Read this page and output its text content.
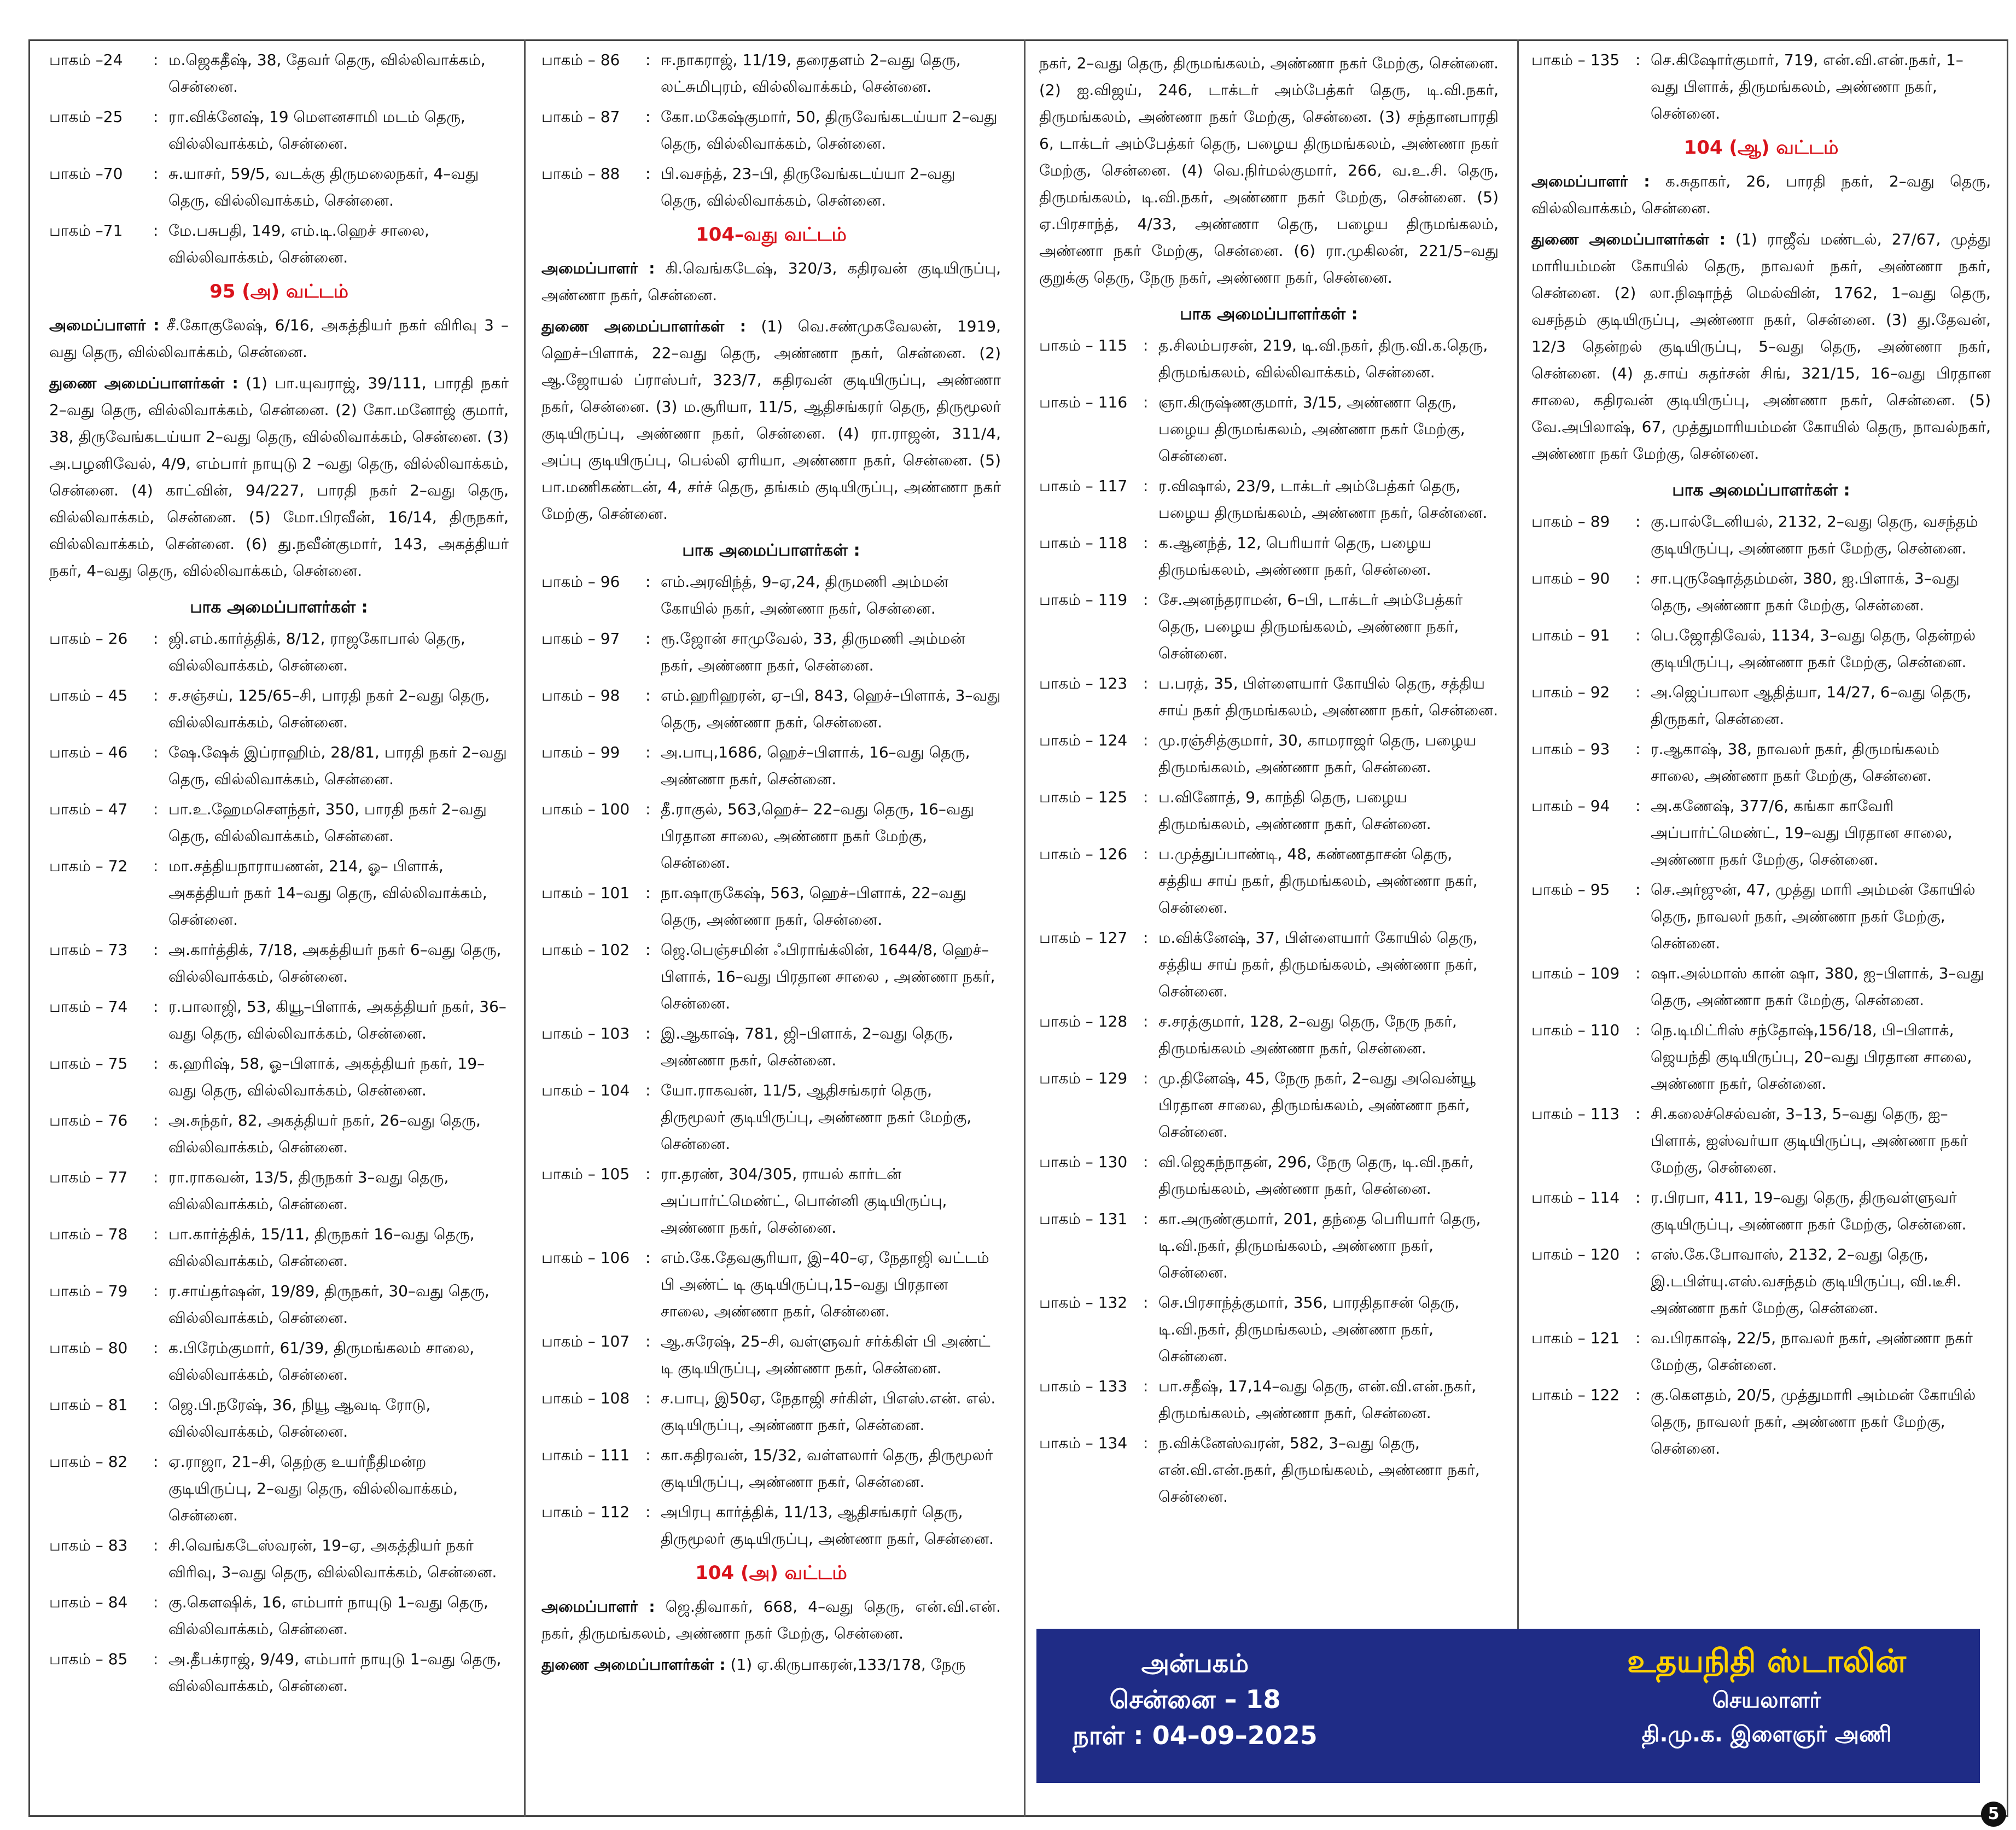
பாகம் –24 : ம.ஜெகதீஷ், 38, தேவர் தெரு, வில்லிவாக்கம், சென்னை.
பாகம் –25 : ரா.விக்னேஷ், 19 மௌனசாமி மடம் தெரு, வில்லிவாக்கம், சென்னை.
பாகம் –70 : சு.யாசர், 59/5, வடக்கு திருமலைநகர், 4–வது தெரு, வில்லிவாக்கம், சென்னை.
பாகம் –71 : மே.பசுபதி, 149, எம்.டி.ஹெச் சாலை, வில்லிவாக்கம், சென்னை.
95 (அ) வட்டம்
அமைப்பாளர் : சீ.கோகுலேஷ், 6/16, அகத்தியர் நகர் விரிவு 3 –வது தெரு, வில்லிவாக்கம், சென்னை.
துணை அமைப்பாளர்கள் : (1) பா.யுவராஜ், 39/111, பாரதி நகர் 2–வது தெரு, வில்லிவாக்கம், சென்னை. (2) கோ.மனோஜ் குமார், 38, திருவேங்கடய்யா 2–வது தெரு, வில்லிவாக்கம், சென்னை. (3) அ.பழனிவேல், 4/9, எம்பார் நாயுடு 2 –வது தெரு, வில்லிவாக்கம், சென்னை. (4) காட்வின், 94/227, பாரதி நகர் 2–வது தெரு, வில்லிவாக்கம், சென்னை. (5) மோ.பிரவீன், 16/14, திருநகர், வில்லிவாக்கம், சென்னை. (6) து.நவீன்குமார், 143, அகத்தியர் நகர், 4–வது தெரு, வில்லிவாக்கம், சென்னை.
பாக அமைப்பாளர்கள் :
பாகம் – 26 : ஜி.எம்.கார்த்திக், 8/12, ராஜகோபால் தெரு, வில்லிவாக்கம், சென்னை.
பாகம் – 45 : ச.சஞ்சய், 125/65–சி, பாரதி நகர் 2–வது தெரு, வில்லிவாக்கம், சென்னை.
பாகம் – 46 : ஷே.ஷேக் இப்ராஹிம், 28/81, பாரதி நகர் 2–வது தெரு, வில்லிவாக்கம், சென்னை.
பாகம் – 47 : பா.உ.ஹேமசௌந்தர், 350, பாரதி நகர் 2–வது தெரு, வில்லிவாக்கம், சென்னை.
பாகம் – 72 : மா.சத்தியநாராயணன், 214, ஓ– பிளாக், அகத்தியர் நகர் 14–வது தெரு, வில்லிவாக்கம், சென்னை.
பாகம் – 73 : அ.கார்த்திக், 7/18, அகத்தியர் நகர் 6–வது தெரு, வில்லிவாக்கம், சென்னை.
பாகம் – 74 : ர.பாலாஜி, 53, கியூ–பிளாக், அகத்தியர் நகர், 36–வது தெரு, வில்லிவாக்கம், சென்னை.
பாகம் – 75 : க.ஹரிஷ், 58, ஓ–பிளாக், அகத்தியர் நகர், 19–வது தெரு, வில்லிவாக்கம், சென்னை.
பாகம் – 76 : அ.சுந்தர், 82, அகத்தியர் நகர், 26–வது தெரு, வில்லிவாக்கம், சென்னை.
பாகம் – 77 : ரா.ராகவன், 13/5, திருநகர் 3–வது தெரு, வில்லிவாக்கம், சென்னை.
பாகம் – 78 : பா.கார்த்திக், 15/11, திருநகர் 16–வது தெரு, வில்லிவாக்கம், சென்னை.
பாகம் – 79 : ர.சாய்தர்ஷன், 19/89, திருநகர், 30–வது தெரு, வில்லிவாக்கம், சென்னை.
பாகம் – 80 : க.பிரேம்குமார், 61/39, திருமங்கலம் சாலை, வில்லிவாக்கம், சென்னை.
பாகம் – 81 : ஜெ.பி.நரேஷ், 36, நியூ ஆவடி ரோடு, வில்லிவாக்கம், சென்னை.
பாகம் – 82 : ஏ.ராஜா, 21–சி, தெற்கு உயர்நீதிமன்ற குடியிருப்பு, 2–வது தெரு, வில்லிவாக்கம், சென்னை.
பாகம் – 83 : சி.வெங்கடேஸ்வரன், 19–ஏ, அகத்தியர் நகர் விரிவு, 3–வது தெரு, வில்லிவாக்கம், சென்னை.
பாகம் – 84 : கு.கௌஷிக், 16, எம்பார் நாயுடு 1–வது தெரு, வில்லிவாக்கம், சென்னை.
பாகம் – 85 : அ.தீபக்ராஜ், 9/49, எம்பார் நாயுடு 1–வது தெரு, வில்லிவாக்கம், சென்னை.
பாகம் – 86 : ஈ.நாகராஜ், 11/19, தரைதளம் 2–வது தெரு, லட்சுமிபுரம், வில்லிவாக்கம், சென்னை.
பாகம் – 87 : கோ.மகேஷ்குமார், 50, திருவேங்கடய்யா 2–வது தெரு, வில்லிவாக்கம், சென்னை.
பாகம் – 88 : பி.வசந்த், 23–பி, திருவேங்கடய்யா 2–வது தெரு, வில்லிவாக்கம், சென்னை.
104–வது வட்டம்
அமைப்பாளர் : கி.வெங்கடேஷ், 320/3, கதிரவன் குடியிருப்பு, அண்ணா நகர், சென்னை.
துணை அமைப்பாளர்கள் : (1) வெ.சண்முகவேலன், 1919, ஹெச்–பிளாக், 22–வது தெரு, அண்ணா நகர், சென்னை. (2) ஆ.ஜோயல் ப்ராஸ்பர், 323/7, கதிரவன் குடியிருப்பு, அண்ணா நகர், சென்னை. (3) ம.சூரியா, 11/5, ஆதிசங்கரர் தெரு, திருமூலர் குடியிருப்பு, அண்ணா நகர், சென்னை. (4) ரா.ராஜன், 311/4, அப்பு குடியிருப்பு, பெல்லி ஏரியா, அண்ணா நகர், சென்னை. (5) பா.மணிகண்டன், 4, சர்ச் தெரு, தங்கம் குடியிருப்பு, அண்ணா நகர் மேற்கு, சென்னை.
பாக அமைப்பாளர்கள் :
பாகம் – 96 : எம்.அரவிந்த், 9–ஏ,24, திருமணி அம்மன் கோயில் நகர், அண்ணா நகர், சென்னை.
பாகம் – 97 : ரூ.ஜோன் சாமுவேல், 33, திருமணி அம்மன் நகர், அண்ணா நகர், சென்னை.
பாகம் – 98 : எம்.ஹரிஹரன், ஏ–பி, 843, ஹெச்–பிளாக், 3–வது தெரு, அண்ணா நகர், சென்னை.
பாகம் – 99 : அ.பாபு,1686, ஹெச்–பிளாக், 16–வது தெரு, அண்ணா நகர், சென்னை.
பாகம் – 100 : தீ.ராகுல், 563,ஹெச்– 22–வது தெரு, 16–வது பிரதான சாலை, அண்ணா நகர் மேற்கு, சென்னை.
பாகம் – 101 : நா.ஷாருகேஷ், 563, ஹெச்–பிளாக், 22–வது தெரு, அண்ணா நகர், சென்னை.
பாகம் – 102 : ஜெ.பெஞ்சமின் ஃபிராங்க்லின், 1644/8, ஹெச்– பிளாக், 16–வது பிரதான சாலை , அண்ணா நகர், சென்னை.
பாகம் – 103 : இ.ஆகாஷ், 781, ஜி–பிளாக், 2–வது தெரு, அண்ணா நகர், சென்னை.
பாகம் – 104 : யோ.ராகவன், 11/5, ஆதிசங்கரர் தெரு, திருமூலர் குடியிருப்பு, அண்ணா நகர் மேற்கு, சென்னை.
பாகம் – 105 : ரா.தரண், 304/305, ராயல் கார்டன் அப்பார்ட்மெண்ட், பொன்னி குடியிருப்பு, அண்ணா நகர், சென்னை.
பாகம் – 106 : எம்.கே.தேவசூரியா, இ–40–ஏ, நேதாஜி வட்டம் பி அண்ட் டி குடியிருப்பு,15–வது பிரதான சாலை, அண்ணா நகர், சென்னை.
பாகம் – 107 : ஆ.சுரேஷ், 25–சி, வள்ளுவர் சர்க்கிள் பி அண்ட் டி குடியிருப்பு, அண்ணா நகர், சென்னை.
பாகம் – 108 : ச.பாபு, இ50ஏ, நேதாஜி சர்கிள், பிஎஸ்.என். எல். குடியிருப்பு, அண்ணா நகர், சென்னை.
பாகம் – 111 : கா.கதிரவன், 15/32, வள்ளலார் தெரு, திருமூலர் குடியிருப்பு, அண்ணா நகர், சென்னை.
பாகம் – 112 : அபிரபு கார்த்திக், 11/13, ஆதிசங்கரர் தெரு, திருமூலர் குடியிருப்பு, அண்ணா நகர், சென்னை.
104 (அ) வட்டம்
அமைப்பாளர் : ஜெ.திவாகர், 668, 4–வது தெரு, என்.வி.என். நகர், திருமங்கலம், அண்ணா நகர் மேற்கு, சென்னை.
துணை அமைப்பாளர்கள் : (1) ஏ.கிருபாகரன்,133/178, நேரு
நகர், 2–வது தெரு, திருமங்கலம், அண்ணா நகர் மேற்கு, சென்னை. (2) ஐ.விஜய், 246, டாக்டர் அம்பேத்கர் தெரு, டி.வி.நகர், திருமங்கலம், அண்ணா நகர் மேற்கு, சென்னை. (3) சந்தானபாரதி 6, டாக்டர் அம்பேத்கர் தெரு, பழைய திருமங்கலம், அண்ணா நகர் மேற்கு, சென்னை. (4) வெ.நிர்மல்குமார், 266, வ.உ.சி. தெரு, திருமங்கலம், டி.வி.நகர், அண்ணா நகர் மேற்கு, சென்னை. (5) ஏ.பிரசாந்த், 4/33, அண்ணா தெரு, பழைய திருமங்கலம், அண்ணா நகர் மேற்கு, சென்னை. (6) ரா.முகிலன், 221/5–வது குறுக்கு தெரு, நேரு நகர், அண்ணா நகர், சென்னை.
பாக அமைப்பாளர்கள் :
பாகம் – 115 : த.சிலம்பரசன், 219, டி.வி.நகர், திரு.வி.க.தெரு, திருமங்கலம், வில்லிவாக்கம், சென்னை.
பாகம் – 116 : ஞா.கிருஷ்ணகுமார், 3/15, அண்ணா தெரு, பழைய திருமங்கலம், அண்ணா நகர் மேற்கு, சென்னை.
பாகம் – 117 : ர.விஷால், 23/9, டாக்டர் அம்பேத்கர் தெரு, பழைய திருமங்கலம், அண்ணா நகர், சென்னை.
பாகம் – 118 : க.ஆனந்த், 12, பெரியார் தெரு, பழைய திருமங்கலம், அண்ணா நகர், சென்னை.
பாகம் – 119 : சே.அனந்தராமன், 6–பி, டாக்டர் அம்பேத்கர் தெரு, பழைய திருமங்கலம், அண்ணா நகர், சென்னை.
பாகம் – 123 : ப.பரத், 35, பிள்ளையார் கோயில் தெரு, சத்திய சாய் நகர் திருமங்கலம், அண்ணா நகர், சென்னை.
பாகம் – 124 : மு.ரஞ்சித்குமார், 30, காமராஜர் தெரு, பழைய திருமங்கலம், அண்ணா நகர், சென்னை.
பாகம் – 125 : ப.வினோத், 9, காந்தி தெரு, பழைய திருமங்கலம், அண்ணா நகர், சென்னை.
பாகம் – 126 : ப.முத்துப்பாண்டி, 48, கண்ணதாசன் தெரு, சத்திய சாய் நகர், திருமங்கலம், அண்ணா நகர், சென்னை.
பாகம் – 127 : ம.விக்னேஷ், 37, பிள்ளையார் கோயில் தெரு, சத்திய சாய் நகர், திருமங்கலம், அண்ணா நகர், சென்னை.
பாகம் – 128 : ச.சரத்குமார், 128, 2–வது தெரு, நேரு நகர், திருமங்கலம் அண்ணா நகர், சென்னை.
பாகம் – 129 : மு.தினேஷ், 45, நேரு நகர், 2–வது அவென்யூ பிரதான சாலை, திருமங்கலம், அண்ணா நகர், சென்னை.
பாகம் – 130 : வி.ஜெகந்நாதன், 296, நேரு தெரு, டி.வி.நகர், திருமங்கலம், அண்ணா நகர், சென்னை.
பாகம் – 131 : கா.அருண்குமார், 201, தந்தை பெரியார் தெரு, டி.வி.நகர், திருமங்கலம், அண்ணா நகர், சென்னை.
பாகம் – 132 : செ.பிரசாந்த்குமார், 356, பாரதிதாசன் தெரு, டி.வி.நகர், திருமங்கலம், அண்ணா நகர், சென்னை.
பாகம் – 133 : பா.சதீஷ், 17,14–வது தெரு, என்.வி.என்.நகர், திருமங்கலம், அண்ணா நகர், சென்னை.
பாகம் – 134 : ந.விக்னேஸ்வரன், 582, 3–வது தெரு, என்.வி.என்.நகர், திருமங்கலம், அண்ணா நகர், சென்னை.
பாகம் – 135 : செ.கிஷோர்குமார், 719, என்.வி.என்.நகர், 1–வது பிளாக், திருமங்கலம், அண்ணா நகர், சென்னை.
104 (ஆ) வட்டம்
அமைப்பாளர் : க.சுதாகர், 26, பாரதி நகர், 2–வது தெரு, வில்லிவாக்கம், சென்னை.
துணை அமைப்பாளர்கள் : (1) ராஜீவ் மண்டல், 27/67, முத்து மாரியம்மன் கோயில் தெரு, நாவலர் நகர், அண்ணா நகர், சென்னை. (2) லா.நிஷாந்த் மெல்வின், 1762, 1–வது தெரு, வசந்தம் குடியிருப்பு, அண்ணா நகர், சென்னை. (3) து.தேவன், 12/3 தென்றல் குடியிருப்பு, 5–வது தெரு, அண்ணா நகர், சென்னை. (4) த.சாய் சுதர்சன் சிங், 321/15, 16–வது பிரதான சாலை, கதிரவன் குடியிருப்பு, அண்ணா நகர், சென்னை. (5) வே.அபிலாஷ், 67, முத்துமாரியம்மன் கோயில் தெரு, நாவல்நகர், அண்ணா நகர் மேற்கு, சென்னை.
பாக அமைப்பாளர்கள் :
பாகம் – 89 : கு.பால்டேனியல், 2132, 2–வது தெரு, வசந்தம் குடியிருப்பு, அண்ணா நகர் மேற்கு, சென்னை.
பாகம் – 90 : சா.புருஷோத்தம்மன், 380, ஐ.பிளாக், 3–வது தெரு, அண்ணா நகர் மேற்கு, சென்னை.
பாகம் – 91 : பெ.ஜோதிவேல், 1134, 3–வது தெரு, தென்றல் குடியிருப்பு, அண்ணா நகர் மேற்கு, சென்னை.
பாகம் – 92 : அ.ஜெப்பாலா ஆதித்யா, 14/27, 6–வது தெரு, திருநகர், சென்னை.
பாகம் – 93 : ர.ஆகாஷ், 38, நாவலர் நகர், திருமங்கலம் சாலை, அண்ணா நகர் மேற்கு, சென்னை.
பாகம் – 94 : அ.கணேஷ், 377/6, கங்கா காவேரி அப்பார்ட்மெண்ட், 19–வது பிரதான சாலை, அண்ணா நகர் மேற்கு, சென்னை.
பாகம் – 95 : செ.அர்ஜுன், 47, முத்து மாரி அம்மன் கோயில் தெரு, நாவலர் நகர், அண்ணா நகர் மேற்கு, சென்னை.
பாகம் – 109 : ஷா.அல்மாஸ் கான் ஷா, 380, ஐ–பிளாக், 3–வது தெரு, அண்ணா நகர் மேற்கு, சென்னை.
பாகம் – 110 : நெ.டிமிட்ரிஸ் சந்தோஷ்,156/18, பி–பிளாக், ஜெயந்தி குடியிருப்பு, 20–வது பிரதான சாலை, அண்ணா நகர், சென்னை.
பாகம் – 113 : சி.கலைச்செல்வன், 3–13, 5–வது தெரு, ஐ–பிளாக், ஐஸ்வர்யா குடியிருப்பு, அண்ணா நகர் மேற்கு, சென்னை.
பாகம் – 114 : ர.பிரபா, 411, 19–வது தெரு, திருவள்ளுவர் குடியிருப்பு, அண்ணா நகர் மேற்கு, சென்னை.
பாகம் – 120 : எஸ்.கே.போவாஸ், 2132, 2–வது தெரு, இ.டபிள்யு.எஸ்.வசந்தம் குடியிருப்பு, வி.டீசி. அண்ணா நகர் மேற்கு, சென்னை.
பாகம் – 121 : வ.பிரகாஷ், 22/5, நாவலர் நகர், அண்ணா நகர் மேற்கு, சென்னை.
பாகம் – 122 : கு.கௌதம், 20/5, முத்துமாரி அம்மன் கோயில் தெரு, நாவலர் நகர், அண்ணா நகர் மேற்கு, சென்னை.
அன்பகம்
சென்னை – 18
நாள் : 04–09–2025
உதயநிதி ஸ்டாலின்
செயலாளர்
தி.மு.க. இளைஞர் அணி
5
